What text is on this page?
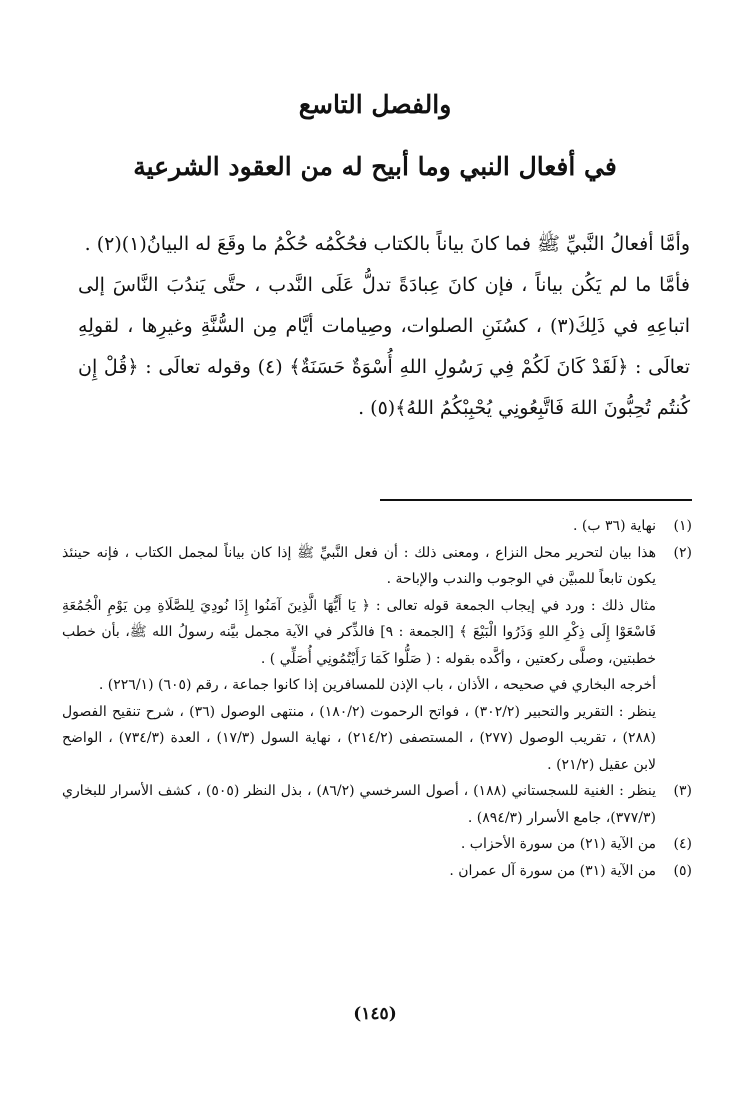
والفصل التاسع
في أفعال النبي وما أبيح له من العقود الشرعية

وأمَّا أفعالُ النَّبيِّ ﷺ فما كانَ بياناً بالكتاب فحُكْمُه حُكْمُ ما وقَعَ له البيانُ(١)(٢) .

فأمَّا ما لم يَكُن بياناً ، فإن كانَ عِبادَةً تدلُّ عَلَى النَّدب ، حتَّى يَندُبَ النَّاسَ إلى اتباعِهِ في ذَلِكَ(٣) ، كسُنَنِ الصلوات، وصِيامات أيَّام مِن السُّنَّةِ وغيرِها ، لقولِهِ تعالَى : ﴿لَقَدْ كَانَ لَكُمْ فِي رَسُولِ اللهِ أُسْوَةٌ حَسَنَةٌ﴾ (٤) وقوله تعالَى : ﴿قُلْ إِن كُنتُم تُحِبُّونَ اللهَ فَاتَّبِعُونِي يُحْبِبْكُمُ اللهُ﴾(٥) .

(١)

نهاية (٣٦ ب) .

(٢)

هذا بيان لتحرير محل النزاع ، ومعنى ذلك : أن فعل النَّبيِّ ﷺ إذا كان بياناً لمجمل الكتاب ، فإنه حينئذ يكون تابعاً للمبيَّن في الوجوب والندب والإباحة .

مثال ذلك : ورد في إيجاب الجمعة قوله تعالى : ﴿ يَا أَيُّهَا الَّذِينَ آمَنُوا إِذَا نُودِيَ لِلصَّلَاةِ مِن يَوْمِ الْجُمُعَةِ فَاسْعَوْا إِلَى ذِكْرِ اللهِ وَذَرُوا الْبَيْعَ ﴾ [الجمعة : ٩] فالذِّكر في الآية مجمل بيَّنه رسولُ الله ﷺ، بأن خطب خطبتين، وصلَّى ركعتين ، وأكَّده بقوله : ( صَلُّوا كَمَا رَأَيْتُمُونِي أُصَلِّي ) .

أخرجه البخاري في صحيحه ، الأذان ، باب الإذن للمسافرين إذا كانوا جماعة ، رقم (٦٠٥) (٢٢٦/١) .

ينظر : التقرير والتحبير (٣٠٢/٢) ، فواتح الرحموت (١٨٠/٢) ، منتهى الوصول (٣٦) ، شرح تنقيح الفصول (٢٨٨) ، تقريب الوصول (٢٧٧) ، المستصفى (٢١٤/٢) ، نهاية السول (١٧/٣) ، العدة (٧٣٤/٣) ، الواضح لابن عقيل (٢١/٢) .

(٣)

ينظر : الغنية للسجستاني (١٨٨) ، أصول السرخسي (٨٦/٢) ، بذل النظر (٥٠٥) ، كشف الأسرار للبخاري (٣٧٧/٣)، جامع الأسرار (٨٩٤/٣) .

(٤)

من الآية (٢١) من سورة الأحزاب .

(٥)

من الآية (٣١) من سورة آل عمران .

(١٤٥)
